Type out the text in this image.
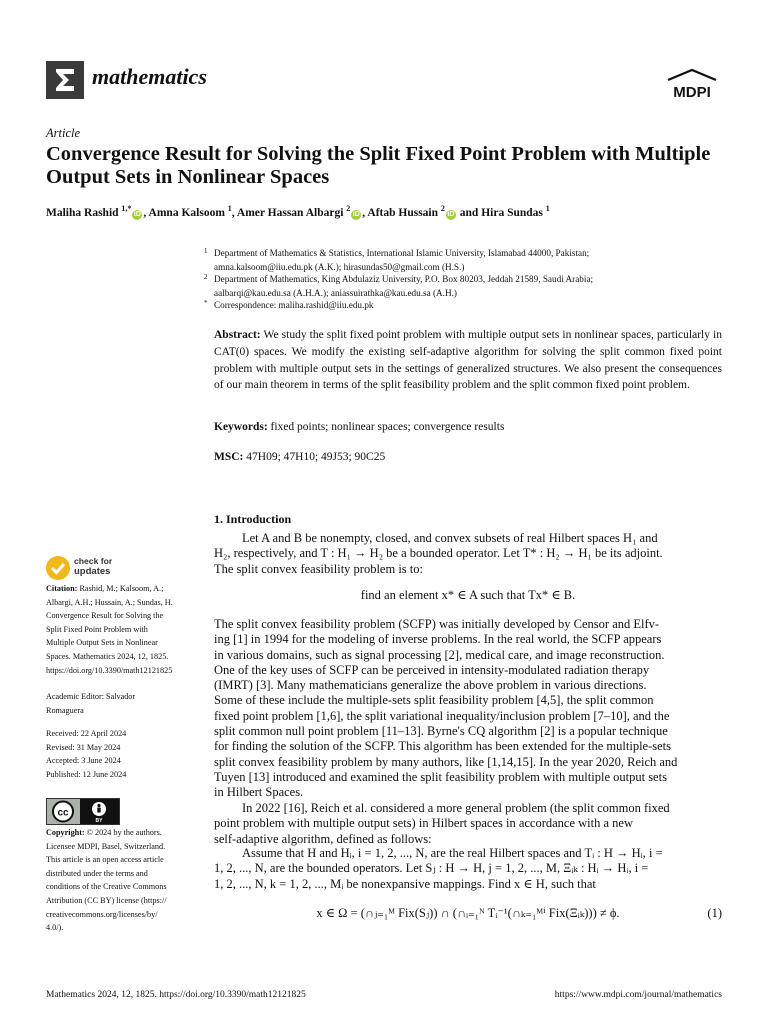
mathematics
MDPI
Article
Convergence Result for Solving the Split Fixed Point Problem with Multiple Output Sets in Nonlinear Spaces
Maliha Rashid $^{1,*}$iD , Amna Kalsoom $^1$, Amer Hassan Albargi $^2$iD , Aftab Hussain $^2$iD and Hira Sundas $^1$
1 Department of Mathematics & Statistics, International Islamic University, Islamabad 44000, Pakistan;
amna.kalsoom@iiu.edu.pk (A.K.); hirasundas50@gmail.com (H.S.)
2 Department of Mathematics, King Abdulaziz University, P.O. Box 80203, Jeddah 21589, Saudi Arabia;
aalbarqi@kau.edu.sa (A.H.A.); aniassuirathka@kau.edu.sa (A.H.)
* Correspondence: maliha.rashid@iiu.edu.pk
Abstract: We study the split fixed point problem with multiple output sets in nonlinear spaces, particularly in CAT(0) spaces. We modify the existing self-adaptive algorithm for solving the split common fixed point problem with multiple output sets in the settings of generalized structures. We also present the consequences of our main theorem in terms of the split feasibility problem and the split common fixed point problem.
Keywords: fixed points; nonlinear spaces; convergence results
MSC: 47H09; 47H10; 49J53; 90C25
check for
updates
Citation: Rashid, M.; Kalsoom, A.;
Albargi, A.H.; Hussain, A.; Sundas, H.
Convergence Result for Solving the
Split Fixed Point Problem with
Multiple Output Sets in Nonlinear
Spaces. Mathematics 2024, 12, 1825.
https://doi.org/10.3390/math12121825
Academic Editor: Salvador
Romaguera
Received: 22 April 2024
Revised: 31 May 2024
Accepted: 3 June 2024
Published: 12 June 2024
cc
BY
Copyright: © 2024 by the authors.
Licensee MDPI, Basel, Switzerland.
This article is an open access article
distributed under the terms and
conditions of the Creative Commons
Attribution (CC BY) license (https://
creativecommons.org/licenses/by/
4.0/).
1. Introduction
Let A and B be nonempty, closed, and convex subsets of real Hilbert spaces H₁ and
H₂, respectively, and T : H₁ → H₂ be a bounded operator. Let T* : H₂ → H₁ be its adjoint.
The split convex feasibility problem is to:
find an element x* ∈ A such that Tx* ∈ B.
The split convex feasibility problem (SCFP) was initially developed by Censor and Elfv-
ing [1] in 1994 for the modeling of inverse problems. In the real world, the SCFP appears
in various domains, such as signal processing [2], medical care, and image reconstruction.
One of the key uses of SCFP can be perceived in intensity-modulated radiation therapy
(IMRT) [3]. Many mathematicians generalize the above problem in various directions.
Some of these include the multiple-sets split feasibility problem [4,5], the split common
fixed point problem [1,6], the split variational inequality/inclusion problem [7–10], and the
split common null point problem [11–13]. Byrne's CQ algorithm [2] is a popular technique
for finding the solution of the SCFP. This algorithm has been extended for the multiple-sets
split convex feasibility problem by many authors, like [1,14,15]. In the year 2020, Reich and
Tuyen [13] introduced and examined the split feasibility problem with multiple output sets
in Hilbert Spaces.
In 2022 [16], Reich et al. considered a more general problem (the split common fixed
point problem with multiple output sets) in Hilbert spaces in accordance with a new
self-adaptive algorithm, defined as follows:
Assume that H and Hᵢ, i = 1, 2, ..., N, are the real Hilbert spaces and Tᵢ : H → Hᵢ, i =
1, 2, ..., N, are the bounded operators. Let Sⱼ : H → H, j = 1, 2, ..., M, Ξᵢₖ : Hᵢ → Hᵢ, i =
1, 2, ..., N, k = 1, 2, ..., Mᵢ be nonexpansive mappings. Find x ∈ H, such that
x ∈ Ω = (∩ⱼ₌₁ᴹ Fix(Sⱼ)) ∩ (∩ᵢ₌₁ᴺ Tᵢ⁻¹(∩ₖ₌₁ᴹⁱ Fix(Ξᵢₖ))) ≠ ϕ.	(1)
Mathematics 2024, 12, 1825. https://doi.org/10.3390/math12121825	https://www.mdpi.com/journal/mathematics
